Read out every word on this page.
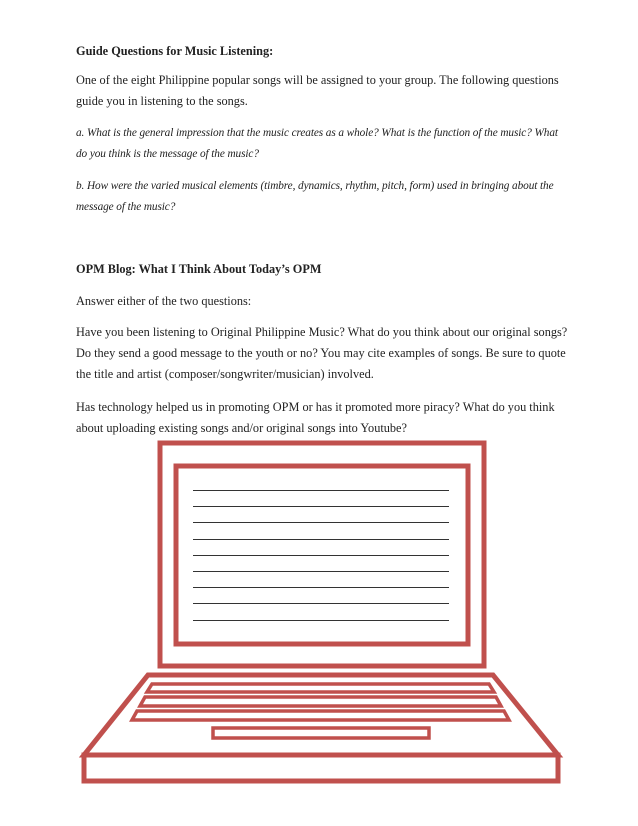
Guide Questions for Music Listening:

One of the eight Philippine popular songs will be assigned to your group. The following questions guide you in listening to the songs.

a. What is the general impression that the music creates as a whole? What is the function of the music? What do you think is the message of the music?

b. How were the varied musical elements (timbre, dynamics, rhythm, pitch, form) used in bringing about the message of the music?

OPM Blog: What I Think About Today’s OPM

Answer either of the two questions:

Have you been listening to Original Philippine Music? What do you think about our original songs? Do they send a good message to the youth or no? You may cite examples of songs. Be sure to quote the title and artist (composer/songwriter/musician) involved.

Has technology helped us in promoting OPM or has it promoted more piracy? What do you think about uploading existing songs and/or original songs into Youtube?
